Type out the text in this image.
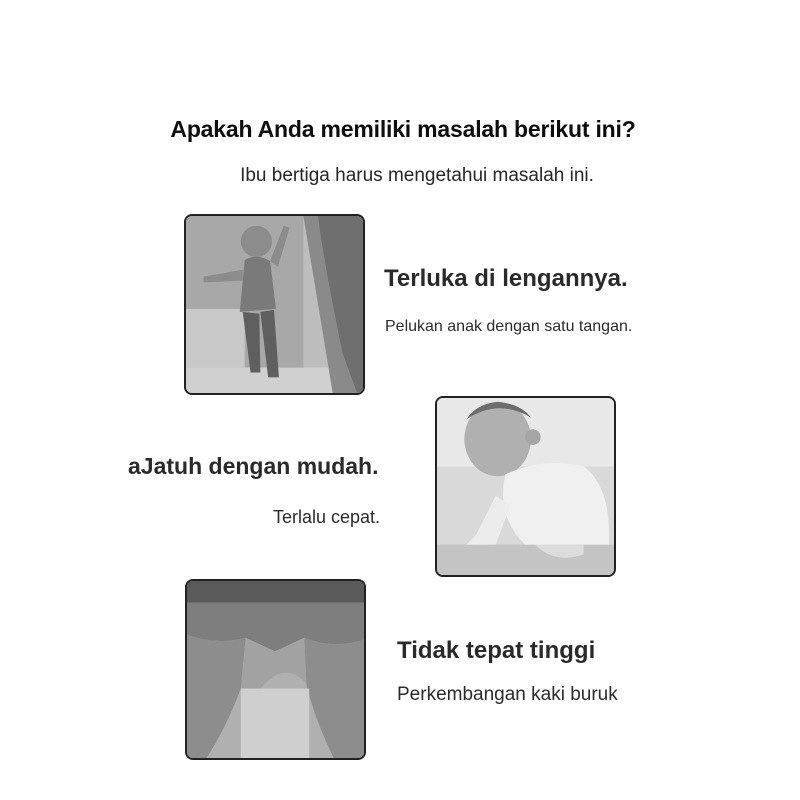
Apakah Anda memiliki masalah berikut ini?

Ibu bertiga harus mengetahui masalah ini.

Terluka di lengannya.
Pelukan anak dengan satu tangan.
aJatuh dengan mudah.
Terlalu cepat.
Tidak tepat tinggi
Perkembangan kaki buruk
